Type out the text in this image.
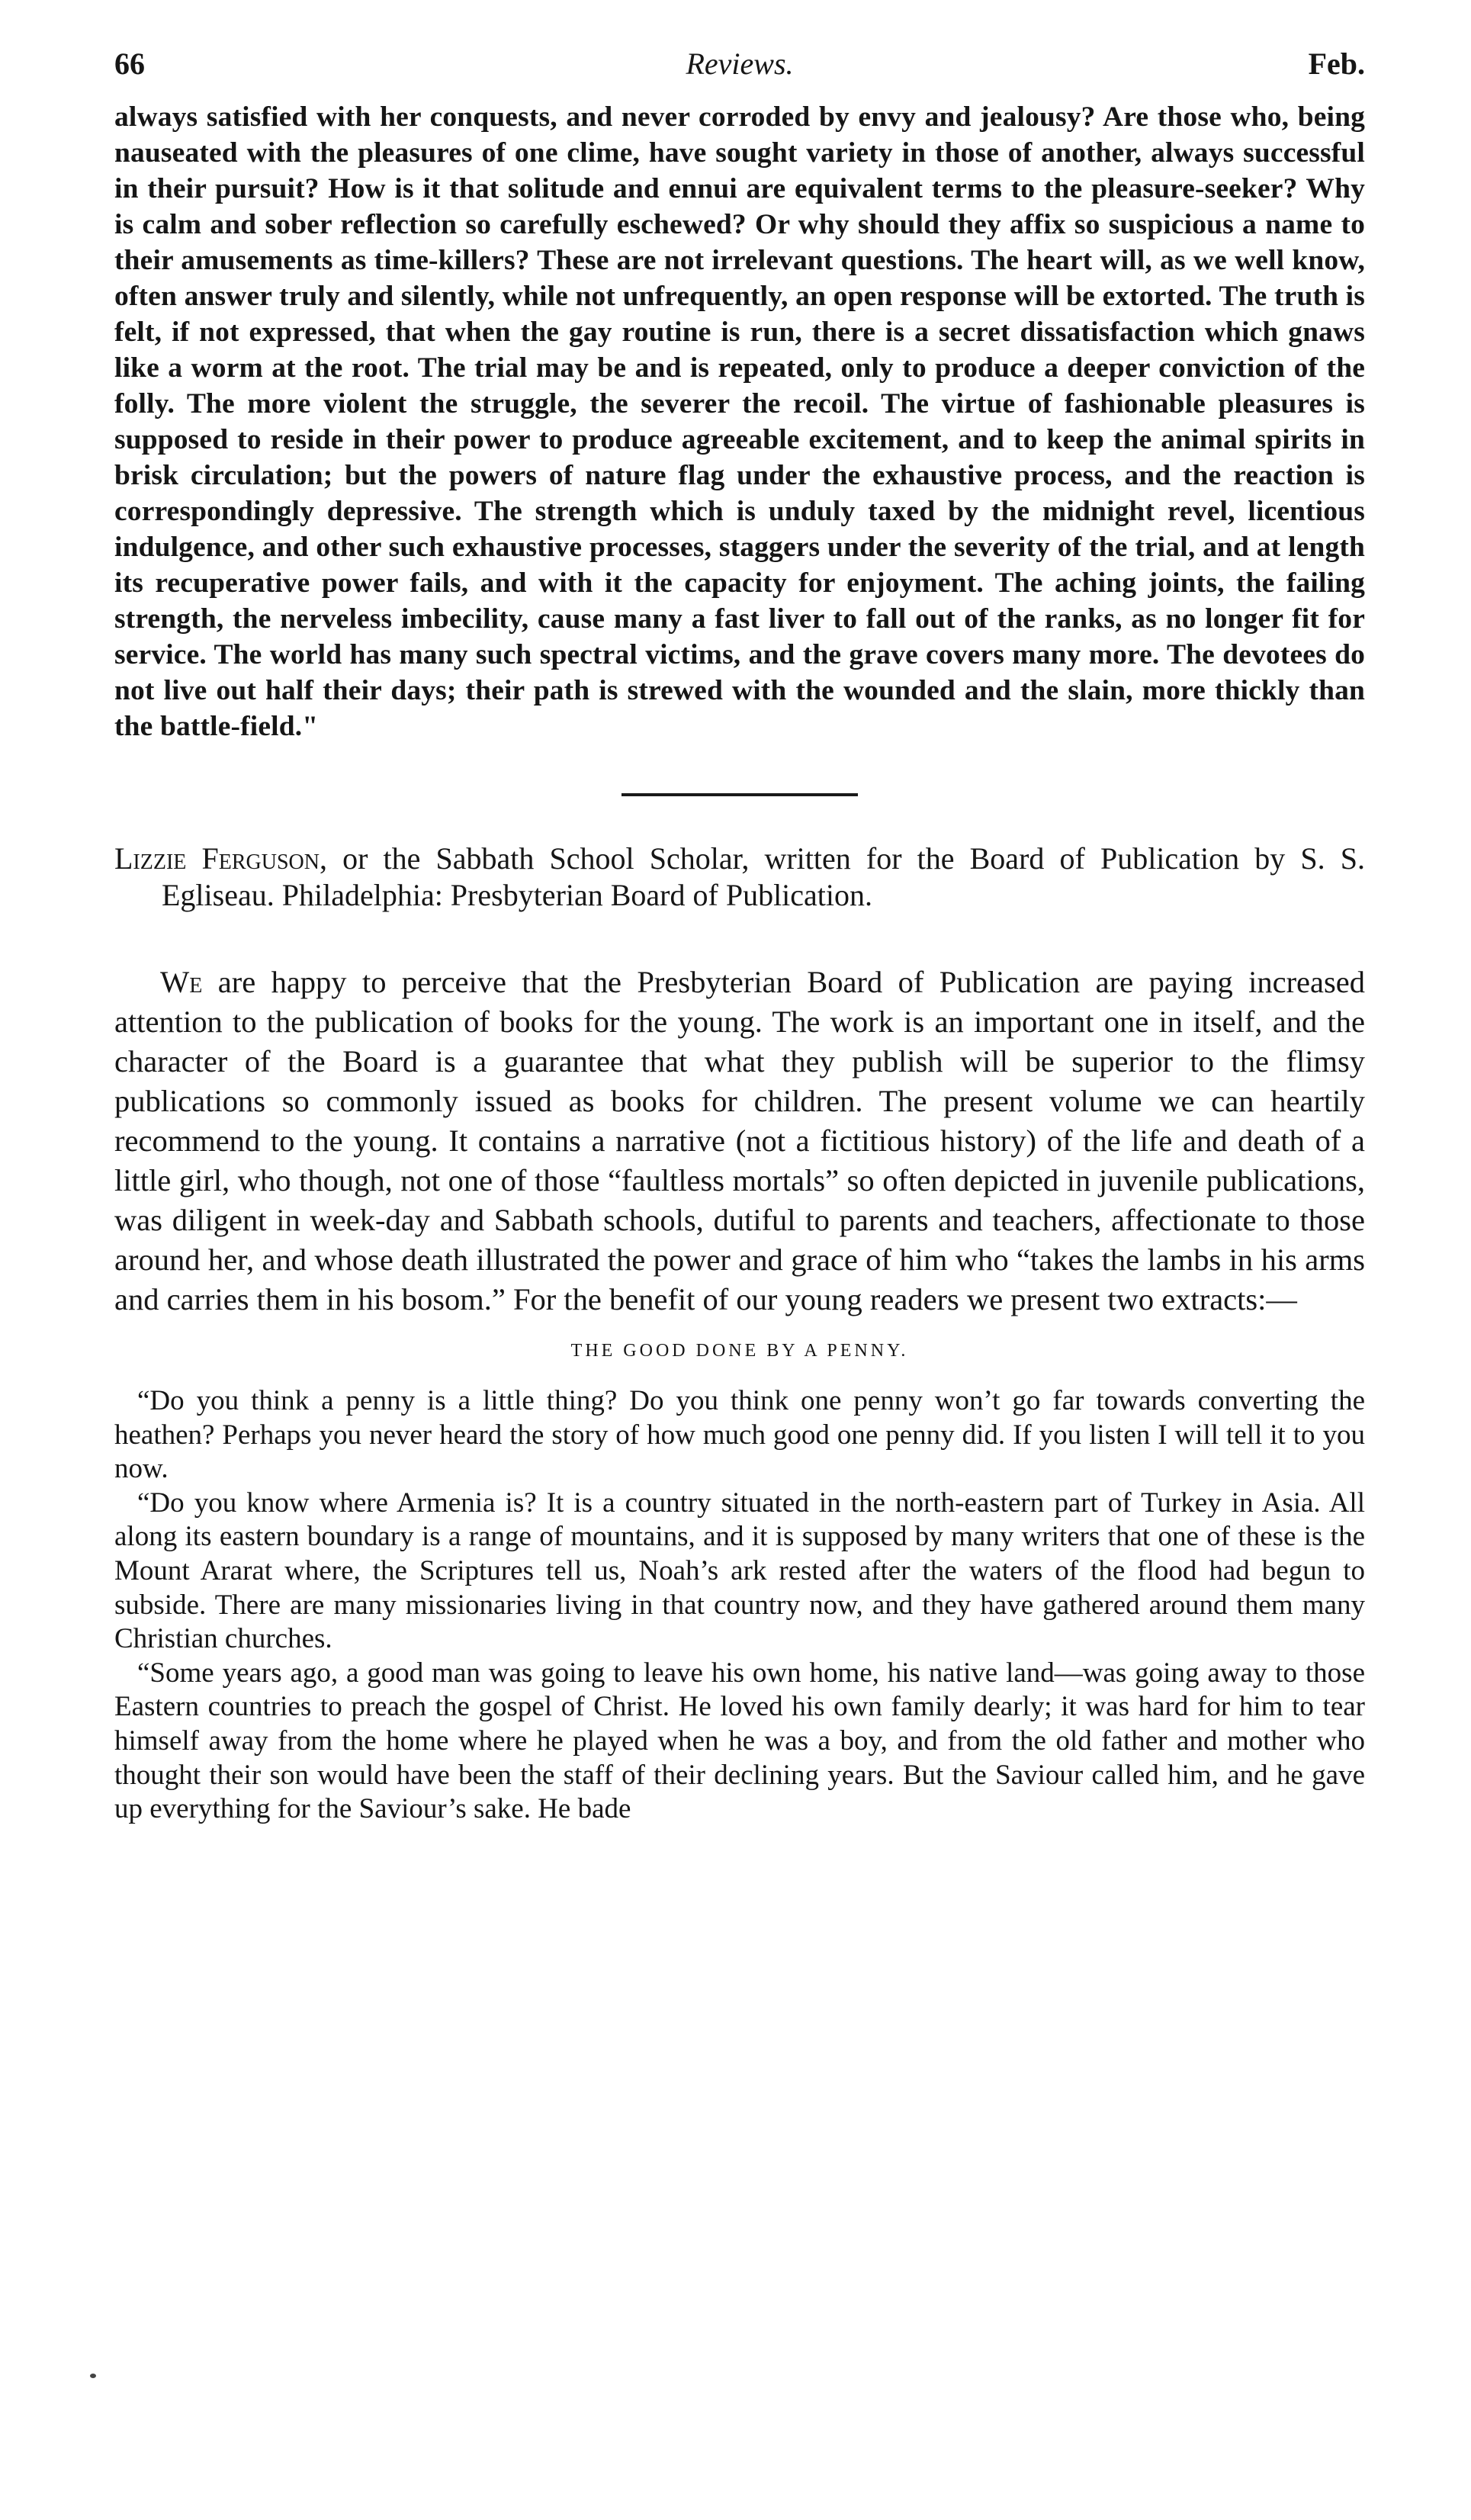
66	Reviews.	Feb.

always satisfied with her conquests, and never corroded by envy and jealousy? Are those who, being nauseated with the pleasures of one clime, have sought variety in those of another, always successful in their pursuit? How is it that solitude and ennui are equivalent terms to the pleasure-seeker? Why is calm and sober reflection so carefully eschewed? Or why should they affix so suspicious a name to their amusements as time-killers? These are not irrelevant questions. The heart will, as we well know, often answer truly and silently, while not unfrequently, an open response will be extorted. The truth is felt, if not expressed, that when the gay routine is run, there is a secret dissatisfaction which gnaws like a worm at the root. The trial may be and is repeated, only to produce a deeper conviction of the folly. The more violent the struggle, the severer the recoil. The virtue of fashionable pleasures is supposed to reside in their power to produce agreeable excitement, and to keep the animal spirits in brisk circulation; but the powers of nature flag under the exhaustive process, and the reaction is correspondingly depressive. The strength which is unduly taxed by the midnight revel, licentious indulgence, and other such exhaustive processes, staggers under the severity of the trial, and at length its recuperative power fails, and with it the capacity for enjoyment. The aching joints, the failing strength, the nerveless imbecility, cause many a fast liver to fall out of the ranks, as no longer fit for service. The world has many such spectral victims, and the grave covers many more. The devotees do not live out half their days; their path is strewed with the wounded and the slain, more thickly than the battle-field."

Lizzie Ferguson, or the Sabbath School Scholar, written for the Board of Publication by S. S. Egliseau. Philadelphia: Presbyterian Board of Publication.

We are happy to perceive that the Presbyterian Board of Publication are paying increased attention to the publication of books for the young. The work is an important one in itself, and the character of the Board is a guarantee that what they publish will be superior to the flimsy publications so commonly issued as books for children. The present volume we can heartily recommend to the young. It contains a narrative (not a fictitious history) of the life and death of a little girl, who though, not one of those “faultless mortals” so often depicted in juvenile publications, was diligent in week-day and Sabbath schools, dutiful to parents and teachers, affectionate to those around her, and whose death illustrated the power and grace of him who “takes the lambs in his arms and carries them in his bosom.” For the benefit of our young readers we present two extracts:—

THE GOOD DONE BY A PENNY.

“Do you think a penny is a little thing? Do you think one penny won’t go far towards converting the heathen? Perhaps you never heard the story of how much good one penny did. If you listen I will tell it to you now.

“Do you know where Armenia is? It is a country situated in the north-eastern part of Turkey in Asia. All along its eastern boundary is a range of mountains, and it is supposed by many writers that one of these is the Mount Ararat where, the Scriptures tell us, Noah’s ark rested after the waters of the flood had begun to subside. There are many missionaries living in that country now, and they have gathered around them many Christian churches.

“Some years ago, a good man was going to leave his own home, his native land—was going away to those Eastern countries to preach the gospel of Christ. He loved his own family dearly; it was hard for him to tear himself away from the home where he played when he was a boy, and from the old father and mother who thought their son would have been the staff of their declining years. But the Saviour called him, and he gave up everything for the Saviour’s sake. He bade
